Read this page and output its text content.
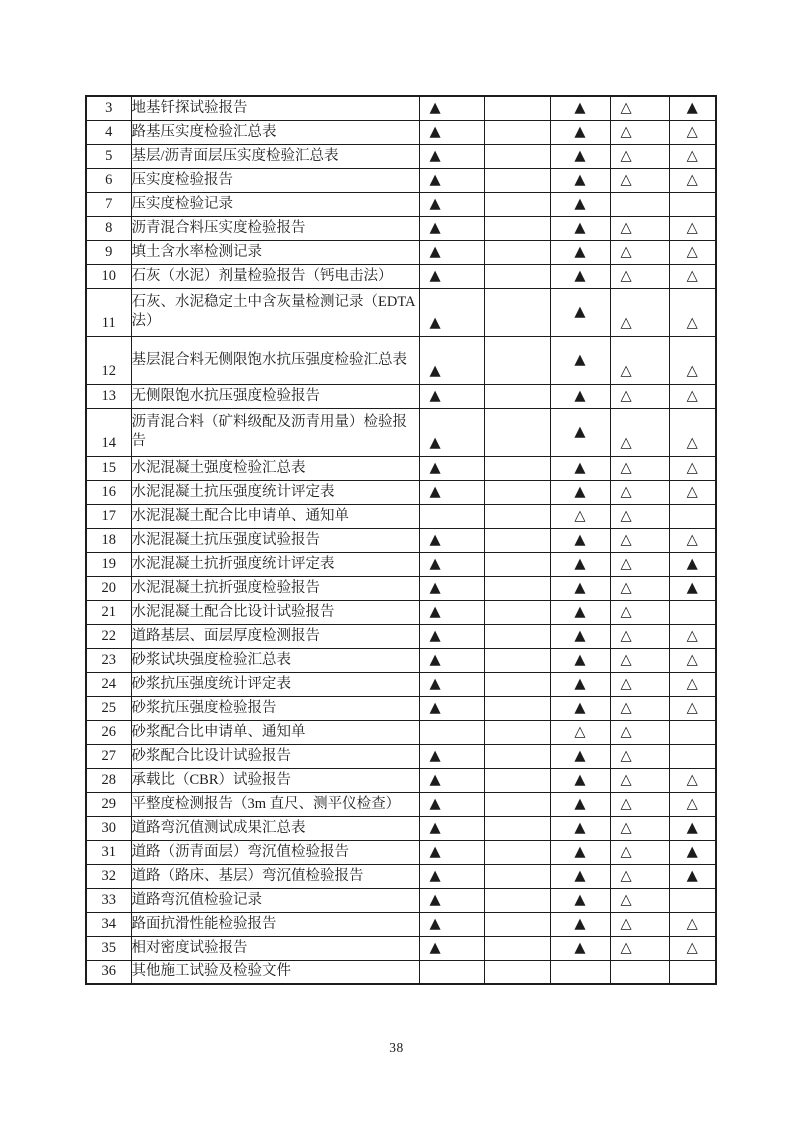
3	地基钎探试验报告	▲		▲	△	▲
4	路基压实度检验汇总表	▲		▲	△	△
5	基层/沥青面层压实度检验汇总表	▲		▲	△	△
6	压实度检验报告	▲		▲	△	△
7	压实度检验记录	▲		▲		
8	沥青混合料压实度检验报告	▲		▲	△	△
9	填土含水率检测记录	▲		▲	△	△
10	石灰（水泥）剂量检验报告（钙电击法）	▲		▲	△	△
11	石灰、水泥稳定土中含灰量检测记录（EDTA 法）	▲		▲	△	△
12	基层混合料无侧限饱水抗压强度检验汇总表	▲		▲	△	△
13	无侧限饱水抗压强度检验报告	▲		▲	△	△
14	沥青混合料（矿料级配及沥青用量）检验报告	▲		▲	△	△
15	水泥混凝土强度检验汇总表	▲		▲	△	△
16	水泥混凝土抗压强度统计评定表	▲		▲	△	△
17	水泥混凝土配合比申请单、通知单			△	△	
18	水泥混凝土抗压强度试验报告	▲		▲	△	△
19	水泥混凝土抗折强度统计评定表	▲		▲	△	▲
20	水泥混凝土抗折强度检验报告	▲		▲	△	▲
21	水泥混凝土配合比设计试验报告	▲		▲	△	
22	道路基层、面层厚度检测报告	▲		▲	△	△
23	砂浆试块强度检验汇总表	▲		▲	△	△
24	砂浆抗压强度统计评定表	▲		▲	△	△
25	砂浆抗压强度检验报告	▲		▲	△	△
26	砂浆配合比申请单、通知单			△	△	
27	砂浆配合比设计试验报告	▲		▲	△	
28	承载比（CBR）试验报告	▲		▲	△	△
29	平整度检测报告（3m 直尺、测平仪检查）	▲		▲	△	△
30	道路弯沉值测试成果汇总表	▲		▲	△	▲
31	道路（沥青面层）弯沉值检验报告	▲		▲	△	▲
32	道路（路床、基层）弯沉值检验报告	▲		▲	△	▲
33	道路弯沉值检验记录	▲		▲	△	
34	路面抗滑性能检验报告	▲		▲	△	△
35	相对密度试验报告	▲		▲	△	△
36	其他施工试验及检验文件					
38
